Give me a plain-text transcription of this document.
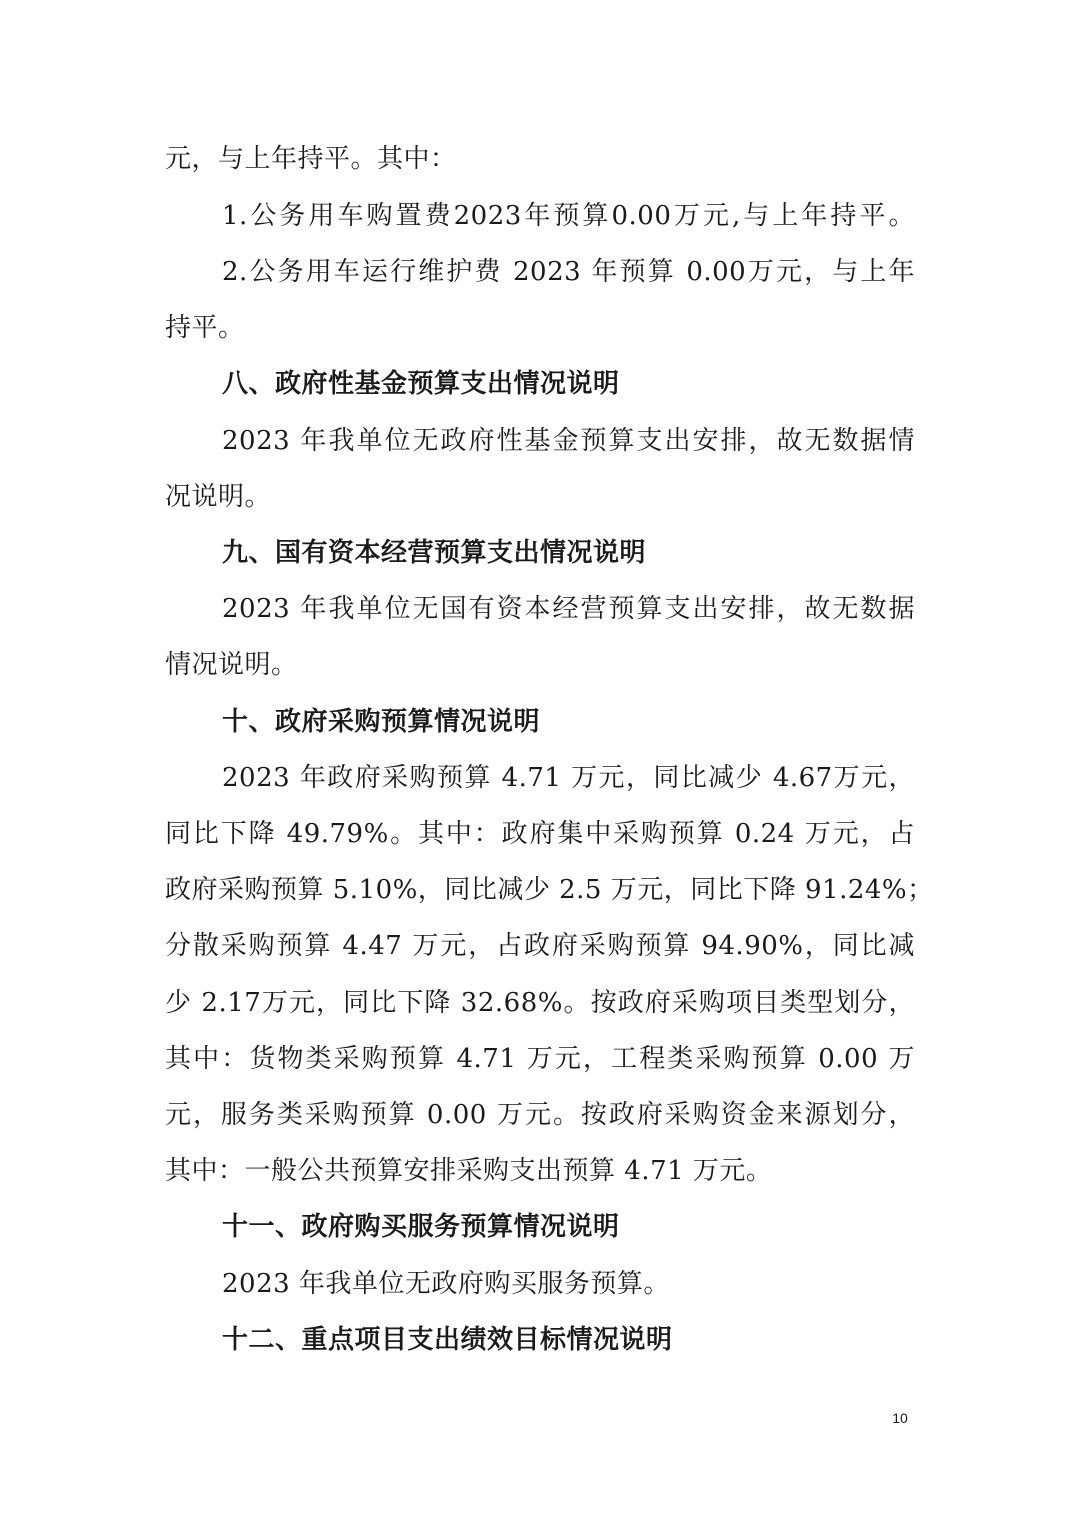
元，与上年持平。其中：
1.公务用车购置费2023年预算0.00万元,与上年持平。
2.公务用车运行维护费 2023 年预算 0.00万元，与上年
持平。
八、政府性基金预算支出情况说明
2023 年我单位无政府性基金预算支出安排，故无数据情
况说明。
九、国有资本经营预算支出情况说明
2023 年我单位无国有资本经营预算支出安排，故无数据
情况说明。
十、政府采购预算情况说明
2023 年政府采购预算 4.71 万元，同比减少 4.67万元，
同比下降 49.79%。其中：政府集中采购预算 0.24 万元，占
政府采购预算 5.10%，同比减少 2.5 万元，同比下降 91.24%；
分散采购预算 4.47 万元，占政府采购预算 94.90%，同比减
少 2.17万元，同比下降 32.68%。按政府采购项目类型划分，
其中：货物类采购预算 4.71 万元，工程类采购预算 0.00 万
元，服务类采购预算 0.00 万元。按政府采购资金来源划分，
其中：一般公共预算安排采购支出预算 4.71 万元。
十一、政府购买服务预算情况说明
2023 年我单位无政府购买服务预算。
十二、重点项目支出绩效目标情况说明
10
